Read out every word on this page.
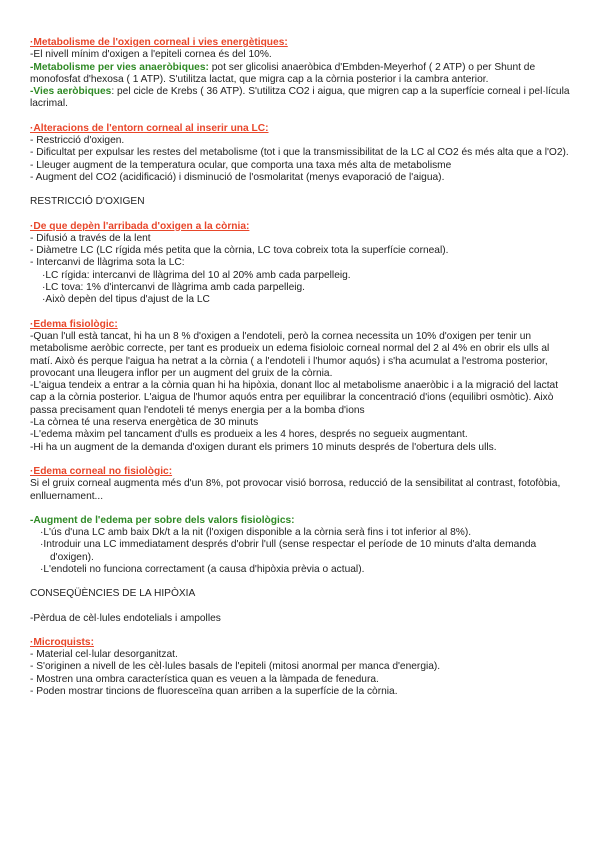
·Metabolisme de l'oxigen corneal i vies energètiques:

-El nivell mínim d'oxigen a l'epiteli cornea és del 10%.

-Metabolisme per vies anaeròbiques: pot ser glicolisi anaeròbica d'Embden-Meyerhof ( 2 ATP) o per Shunt de monofosfat d'hexosa ( 1 ATP). S'utilitza lactat, que migra cap a la còrnia posterior i la cambra anterior.

-Vies aeròbiques: pel cicle de Krebs ( 36 ATP). S'utilitza CO2 i aigua, que migren cap a la superfície corneal i pel·lícula lacrimal.

·Alteracions de l'entorn corneal al inserir una LC:

- Restricció d'oxigen.

- Dificultat per expulsar les restes del metabolisme (tot i que la transmissibilitat de la LC al CO2 és més alta que a l'O2).

- Lleuger augment de la temperatura ocular, que comporta una taxa més alta de metabolisme

- Augment del CO2 (acidificació) i disminució de l'osmolaritat (menys evaporació de l'aigua).

RESTRICCIÓ D'OXIGEN

·De que depèn l'arribada d'oxigen a la còrnia:

- Difusió a través de la lent

- Diàmetre LC (LC rígida més petita que la còrnia, LC tova cobreix tota la superfície corneal).

- Intercanvi de llàgrima sota la LC:

·LC rígida: intercanvi de llàgrima del 10 al 20% amb cada parpelleig.

·LC tova: 1% d'intercanvi de llàgrima amb cada parpelleig.

·Això depèn del tipus d'ajust de la LC

·Edema fisiològic:

-Quan l'ull està tancat, hi ha un 8 % d'oxigen a l'endoteli, però la cornea necessita un 10% d'oxigen per tenir un metabolisme aeròbic correcte, per tant es produeix un edema fisioloic corneal normal del 2 al 4% en obrir els ulls al matí. Això és perque l'aigua ha netrat a la còrnia ( a l'endoteli i l'humor aquós) i s'ha acumulat a l'estroma posterior, provocant una lleugera inflor per un augment del gruix de la còrnia.

-L'aigua tendeix a entrar a la còrnia quan hi ha hipòxia, donant lloc al metabolisme anaeròbic i a la migració del lactat cap a la còrnia posterior. L'aigua de l'humor aquós entra per equilibrar la concentració d'ions (equilibri osmòtic). Això passa precisament quan l'endoteli té menys energia per a la bomba d'ions

-La còrnea té una reserva energètica de 30 minuts

-L'edema màxim pel tancament d'ulls es produeix a les 4 hores, després no segueix augmentant.

-Hi ha un augment de la demanda d'oxigen durant els primers 10 minuts després de l'obertura dels ulls.

·Edema corneal no fisiològic:

Si el gruix corneal augmenta més d'un 8%, pot provocar visió borrosa, reducció de la sensibilitat al contrast, fotofòbia, enlluernament...

-Augment de l'edema per sobre dels valors fisiològics:

·L'ús d'una LC amb baix Dk/t a la nit (l'oxigen disponible a la còrnia serà fins i tot inferior al 8%).

·Introduir una LC immediatament després d'obrir l'ull (sense respectar el període de 10 minuts d'alta demanda d'oxigen).

·L'endoteli no funciona correctament (a causa d'hipòxia prèvia o actual).

CONSEQÜÈNCIES DE LA HIPÒXIA

-Pèrdua de cèl·lules endotelials i ampolles

·Microquists:

- Material cel·lular desorganitzat.

- S'originen a nivell de les cèl·lules basals de l'epiteli (mitosi anormal per manca d'energia).

- Mostren una ombra característica quan es veuen a la làmpada de fenedura.

- Poden mostrar tincions de fluoresceïna quan arriben a la superfície de la còrnia.
